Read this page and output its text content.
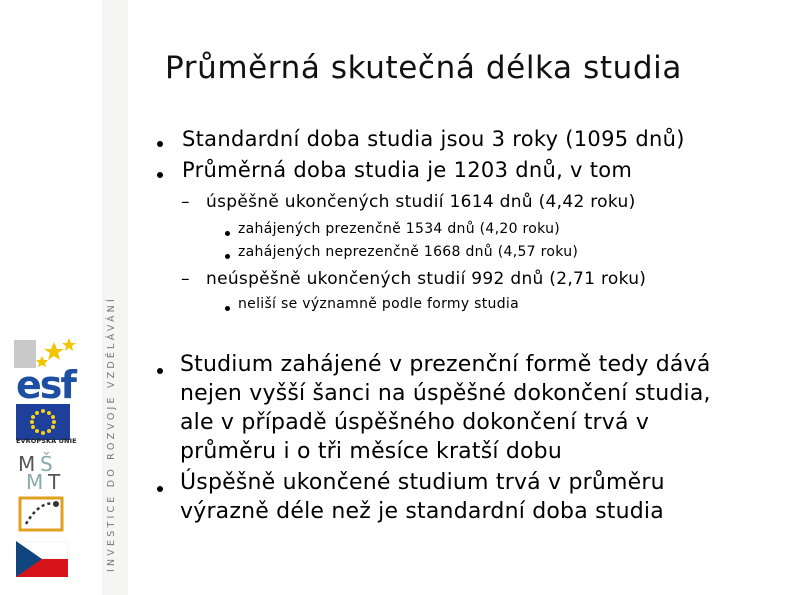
INVESTICE DO ROZVOJE VZDĚLÁVÁNÍ
esf
EVROPSKÁ UNIE
M Š
M T
Průměrná skutečná délka studia
Standardní doba studia jsou 3 roky (1095 dnů)
Průměrná doba studia je 1203 dnů, v tom
– úspěšně ukončených studií 1614 dnů (4,42 roku)
zahájených prezenčně 1534 dnů (4,20 roku)
zahájených neprezenčně 1668 dnů (4,57 roku)
– neúspěšně ukončených studií 992 dnů (2,71 roku)
neliší se významně podle formy studia
Studium zahájené v prezenční formě tedy dává nejen vyšší šanci na úspěšné dokončení studia, ale v případě úspěšného dokončení trvá v průměru i o tři měsíce kratší dobu
Úspěšně ukončené studium trvá v průměru výrazně déle než je standardní doba studia
